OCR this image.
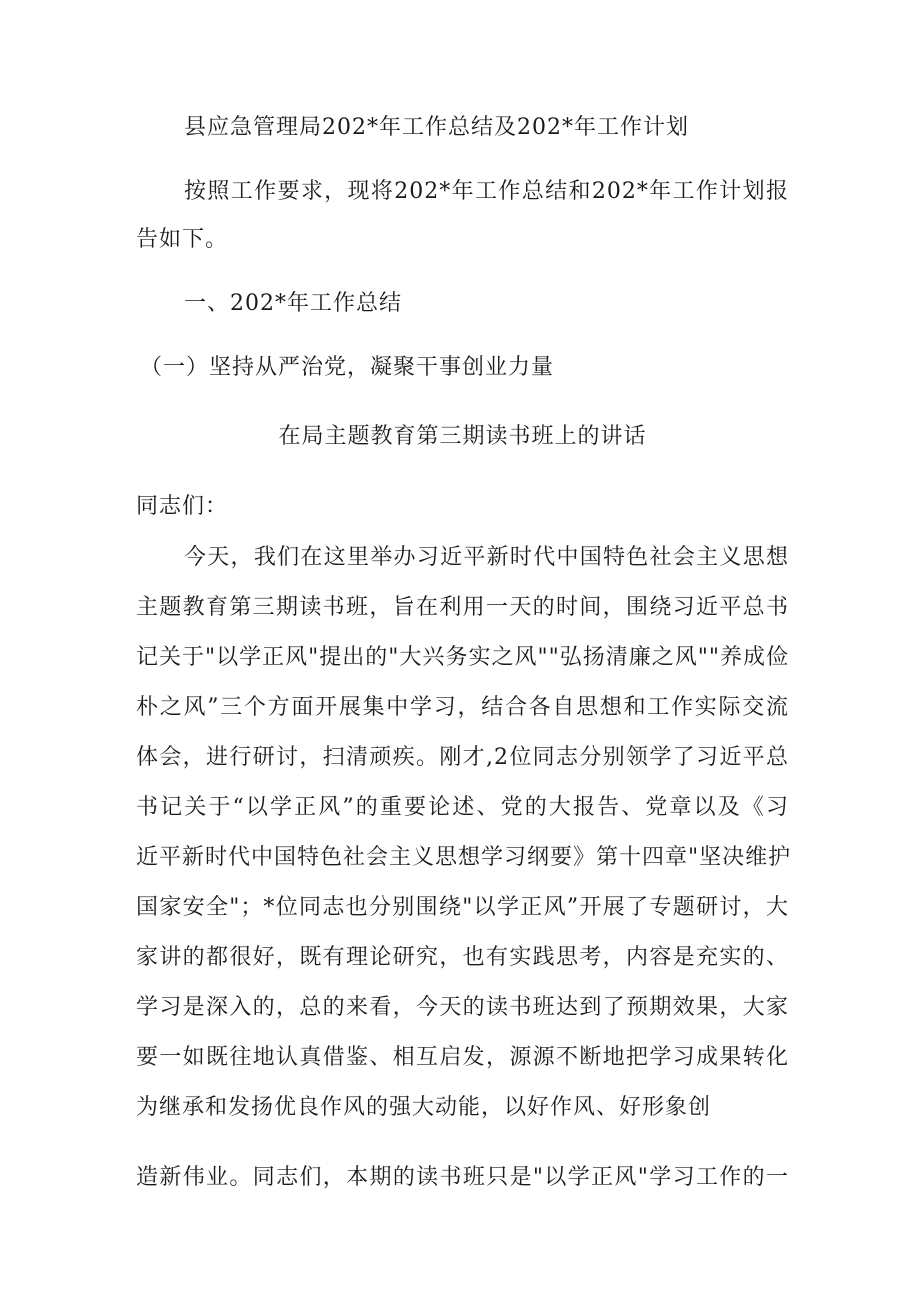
县应急管理局202*年工作总结及202*年工作计划
按照工作要求，现将202*年工作总结和202*年工作计划报
告如下。
一、202*年工作总结
（一）坚持从严治党，凝聚干事创业力量
在局主题教育第三期读书班上的讲话
同志们：
今天，我们在这里举办习近平新时代中国特色社会主义思想
主题教育第三期读书班，旨在利用一天的时间，围绕习近平总书
记关于"以学正风"提出的"大兴务实之风""弘扬清廉之风""养成俭
朴之风”三个方面开展集中学习，结合各自思想和工作实际交流
体会，进行研讨，扫清顽疾。刚才,2位同志分别领学了习近平总
书记关于“以学正风”的重要论述、党的大报告、党章以及《习
近平新时代中国特色社会主义思想学习纲要》第十四章"坚决维护
国家安全"；*位同志也分别围绕"以学正风”开展了专题研讨，大
家讲的都很好，既有理论研究，也有实践思考，内容是充实的、
学习是深入的，总的来看，今天的读书班达到了预期效果，大家
要一如既往地认真借鉴、相互启发，源源不断地把学习成果转化
为继承和发扬优良作风的强大动能，以好作风、好形象创
造新伟业。同志们，本期的读书班只是"以学正风"学习工作的一
